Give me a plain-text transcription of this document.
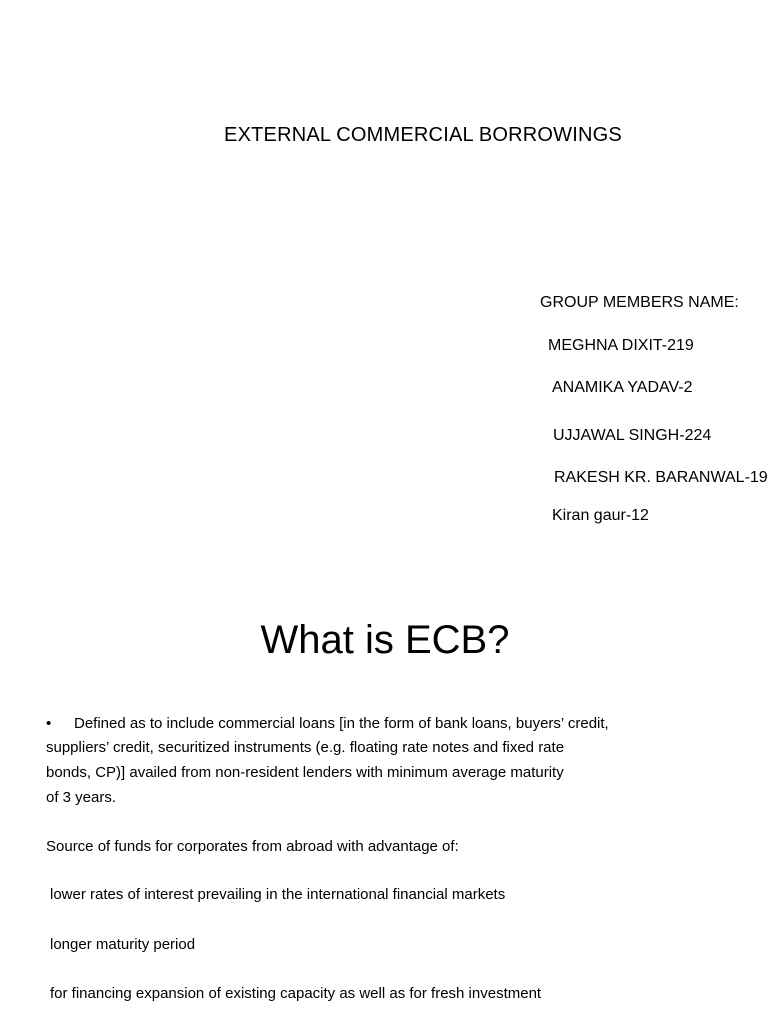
EXTERNAL COMMERCIAL BORROWINGS
GROUP MEMBERS NAME:
MEGHNA DIXIT-219
ANAMIKA YADAV-2
UJJAWAL SINGH-224
RAKESH KR. BARANWAL-19
Kiran gaur-12
What is ECB?
• Defined as to include commercial loans [in the form of bank loans, buyers’ credit,
suppliers’ credit, securitized instruments (e.g. floating rate notes and fixed rate
bonds, CP)] availed from non-resident lenders with minimum average maturity
of 3 years.
Source of funds for corporates from abroad with advantage of:
lower rates of interest prevailing in the international financial markets
longer maturity period
for financing expansion of existing capacity as well as for fresh investment
